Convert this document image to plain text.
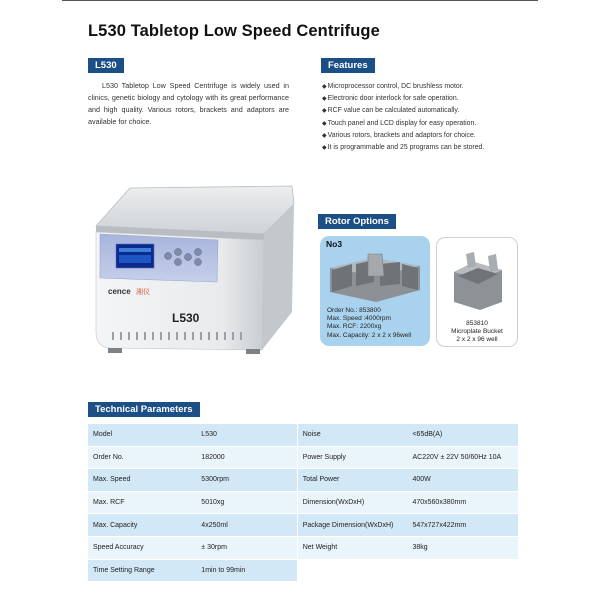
L530 Tabletop Low Speed Centrifuge
L530
L530 Tabletop Low Speed Centrifuge is widely used in clinics, genetic biology and cytology with its great performance and high quality. Various rotors, brackets and adaptors are available for choice.
Features
◆Microprocessor control, DC brushless motor.
◆Electronic door interlock for safe operation.
◆RCF value can be calculated automatically.
◆Touch panel and LCD display for easy operation.
◆Various rotors, brackets and adaptors for choice.
◆It is programmable and 25 programs can be stored.
cence 湘仪
L530
Rotor Options
No3
Order No.: 853800
Max. Speed :4000rpm
Max. RCF: 2200xg
Max. Capacity: 2 x 2 x 96well
853810
Microplate Bucket
2 x 2 x 96 well
Technical Parameters
Model	L530	Noise	<65dB(A)
Order No.	182000	Power Supply	AC220V ± 22V 50/60Hz 10A
Max. Speed	5300rpm	Total Power	400W
Max. RCF	5010xg	Dimension(WxDxH)	470x560x380mm
Max. Capacity	4x250ml	Package Dimension(WxDxH)	547x727x422mm
Speed Accuracy	± 30rpm	Net Weight	38kg
Time Setting Range	1min to 99min		
